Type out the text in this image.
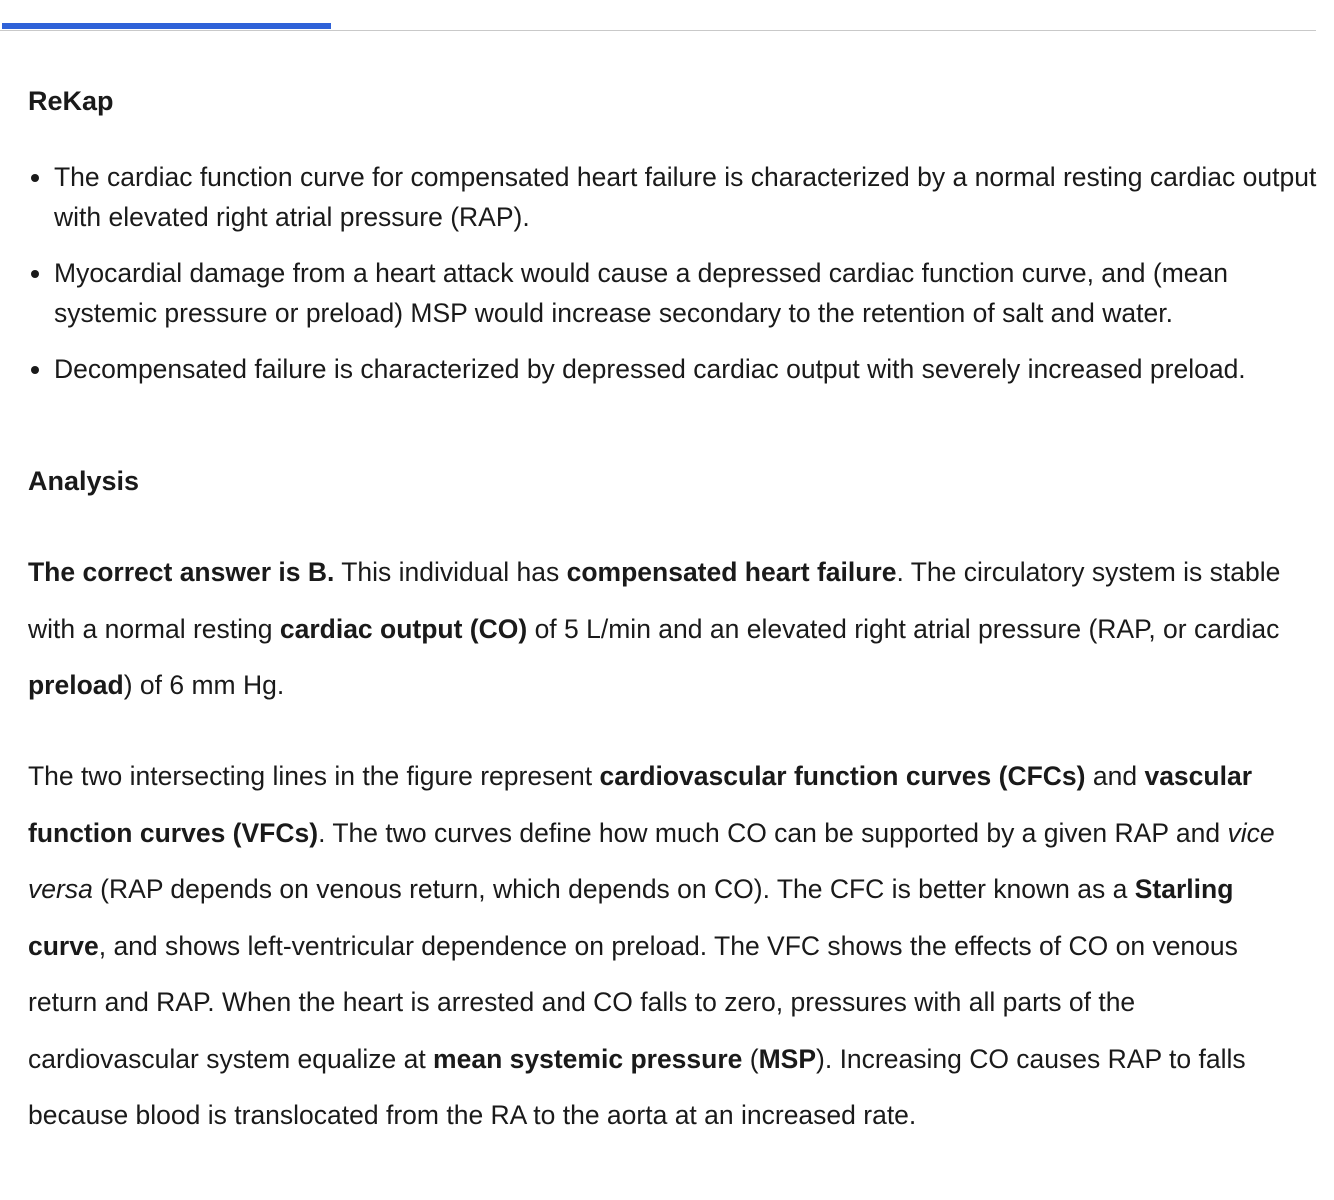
ReKap
The cardiac function curve for compensated heart failure is characterized by a normal resting cardiac output with elevated right atrial pressure (RAP).
Myocardial damage from a heart attack would cause a depressed cardiac function curve, and (mean systemic pressure or preload) MSP would increase secondary to the retention of salt and water.
Decompensated failure is characterized by depressed cardiac output with severely increased preload.
Analysis

The correct answer is B. This individual has compensated heart failure. The circulatory system is stable with a normal resting cardiac output (CO) of 5 L/min and an elevated right atrial pressure (RAP, or cardiac preload) of 6 mm Hg.

The two intersecting lines in the figure represent cardiovascular function curves (CFCs) and vascular function curves (VFCs). The two curves define how much CO can be supported by a given RAP and vice versa (RAP depends on venous return, which depends on CO). The CFC is better known as a Starling curve, and shows left-ventricular dependence on preload. The VFC shows the effects of CO on venous return and RAP. When the heart is arrested and CO falls to zero, pressures with all parts of the cardiovascular system equalize at mean systemic pressure (MSP). Increasing CO causes RAP to falls because blood is translocated from the RA to the aorta at an increased rate.
